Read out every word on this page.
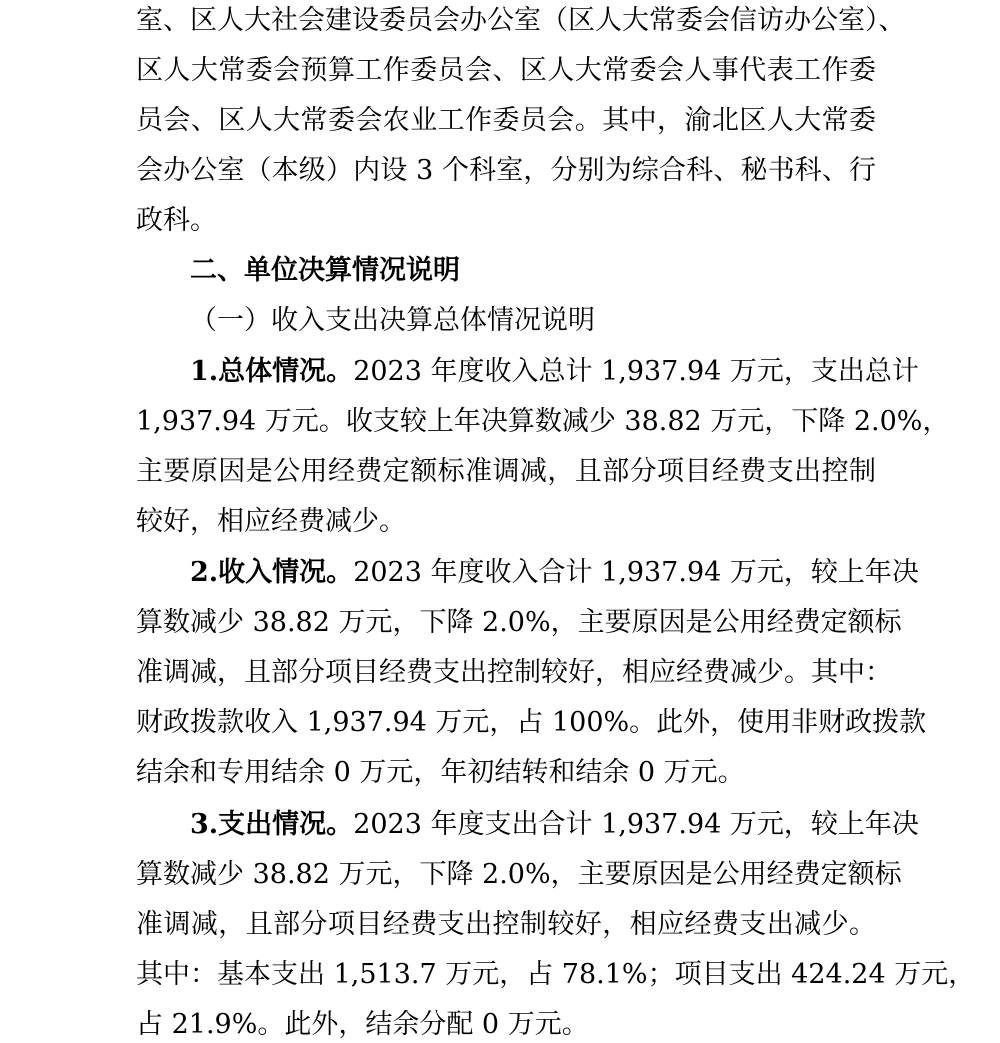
室、区人大社会建设委员会办公室（区人大常委会信访办公室）、
区人大常委会预算工作委员会、区人大常委会人事代表工作委
员会、区人大常委会农业工作委员会。其中，渝北区人大常委
会办公室（本级）内设 3 个科室，分别为综合科、秘书科、行
政科。
二、单位决算情况说明
（一）收入支出决算总体情况说明
1.总体情况。2023 年度收入总计 1,937.94 万元，支出总计
1,937.94 万元。收支较上年决算数减少 38.82 万元，下降 2.0%，
主要原因是公用经费定额标准调减，且部分项目经费支出控制
较好，相应经费减少。
2.收入情况。2023 年度收入合计 1,937.94 万元，较上年决
算数减少 38.82 万元，下降 2.0%，主要原因是公用经费定额标
准调减，且部分项目经费支出控制较好，相应经费减少。其中：
财政拨款收入 1,937.94 万元，占 100%。此外，使用非财政拨款
结余和专用结余 0 万元，年初结转和结余 0 万元。
3.支出情况。2023 年度支出合计 1,937.94 万元，较上年决
算数减少 38.82 万元，下降 2.0%，主要原因是公用经费定额标
准调减，且部分项目经费支出控制较好，相应经费支出减少。
其中：基本支出 1,513.7 万元，占 78.1%；项目支出 424.24 万元，
占 21.9%。此外，结余分配 0 万元。
